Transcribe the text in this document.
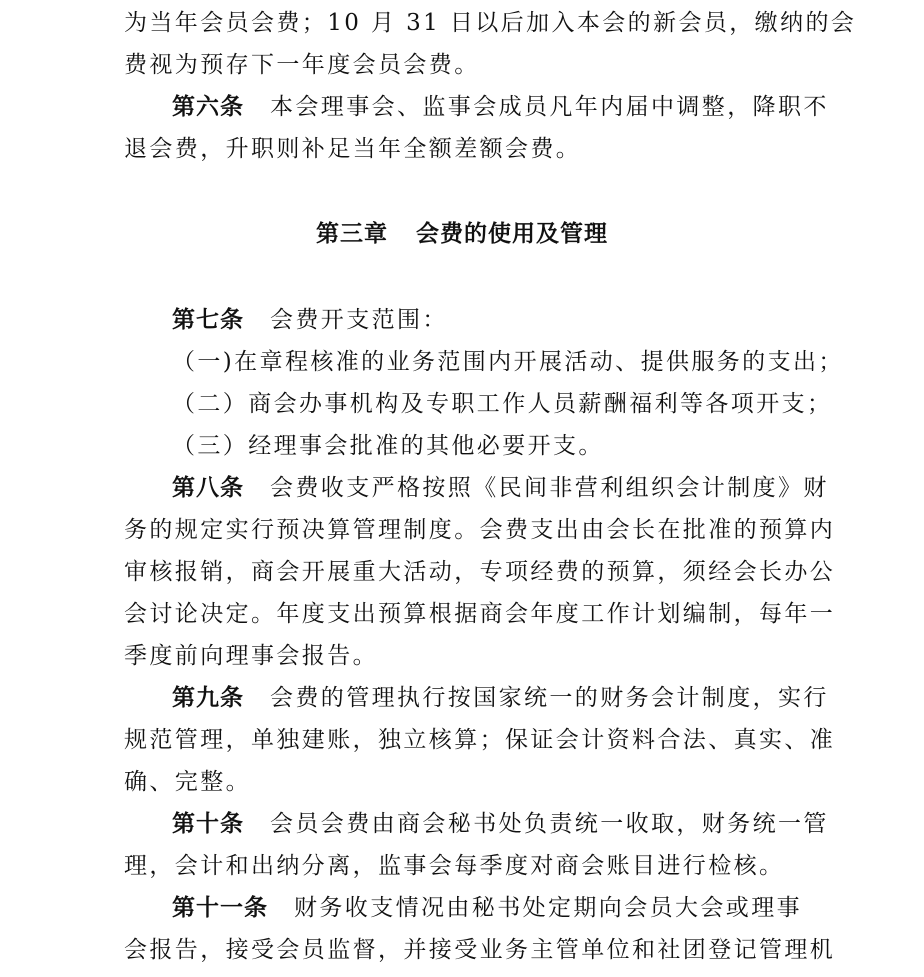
为当年会员会费；10 月 31 日以后加入本会的新会员，缴纳的会
费视为预存下一年度会员会费。
第六条 本会理事会、监事会成员凡年内届中调整，降职不
退会费，升职则补足当年全额差额会费。
第三章 会费的使用及管理
第七条 会费开支范围：
（一)在章程核准的业务范围内开展活动、提供服务的支出；
（二）商会办事机构及专职工作人员薪酬福利等各项开支；
（三）经理事会批准的其他必要开支。
第八条 会费收支严格按照《民间非营利组织会计制度》财
务的规定实行预决算管理制度。会费支出由会长在批准的预算内
审核报销，商会开展重大活动，专项经费的预算，须经会长办公
会讨论决定。年度支出预算根据商会年度工作计划编制，每年一
季度前向理事会报告。
第九条 会费的管理执行按国家统一的财务会计制度，实行
规范管理，单独建账，独立核算；保证会计资料合法、真实、准
确、完整。
第十条 会员会费由商会秘书处负责统一收取，财务统一管
理，会计和出纳分离，监事会每季度对商会账目进行检核。
第十一条 财务收支情况由秘书处定期向会员大会或理事
会报告，接受会员监督，并接受业务主管单位和社团登记管理机
